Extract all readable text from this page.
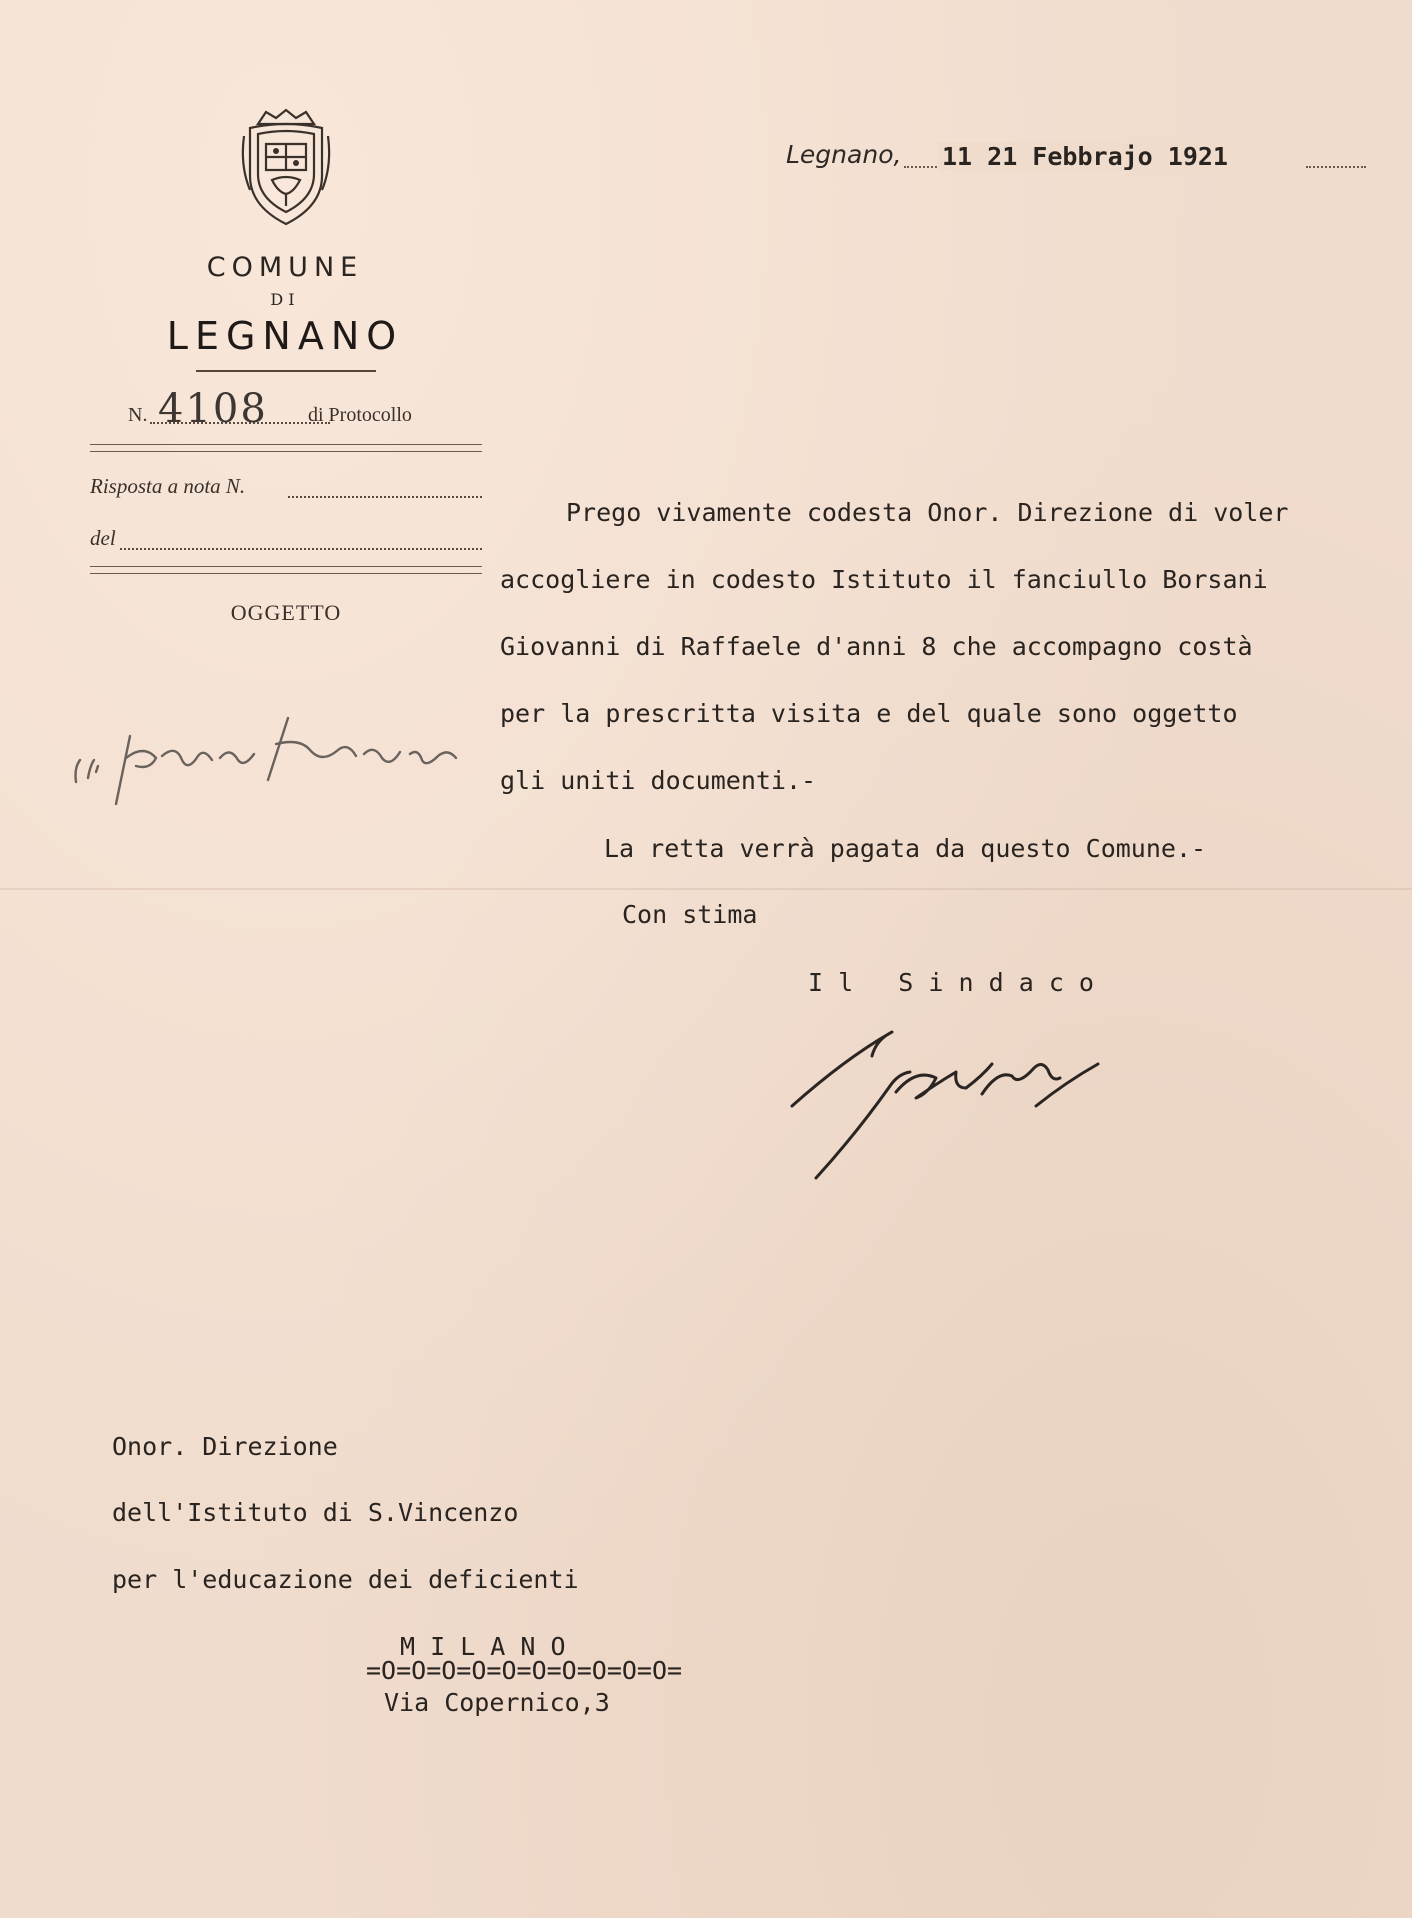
COMUNE
DI
LEGNANO
N. 4108 di Protocollo
Risposta a nota N.
del
OGGETTO
Legnano, 11 21 Febbrajo 1921
Prego vivamente codesta Onor. Direzione di voler
accogliere in codesto Istituto il fanciullo Borsani
Giovanni di Raffaele d'anni 8 che accompagno costà
per la prescritta visita e del quale sono oggetto
gli uniti documenti.-
La retta verrà pagata da questo Comune.-
Con stima
I l   S i n d a c o
Onor. Direzione
dell'Istituto di S.Vincenzo
per l'educazione dei deficienti
M I L A N O
=O=O=O=O=O=O=O=O=O=O=
Via Copernico,3
